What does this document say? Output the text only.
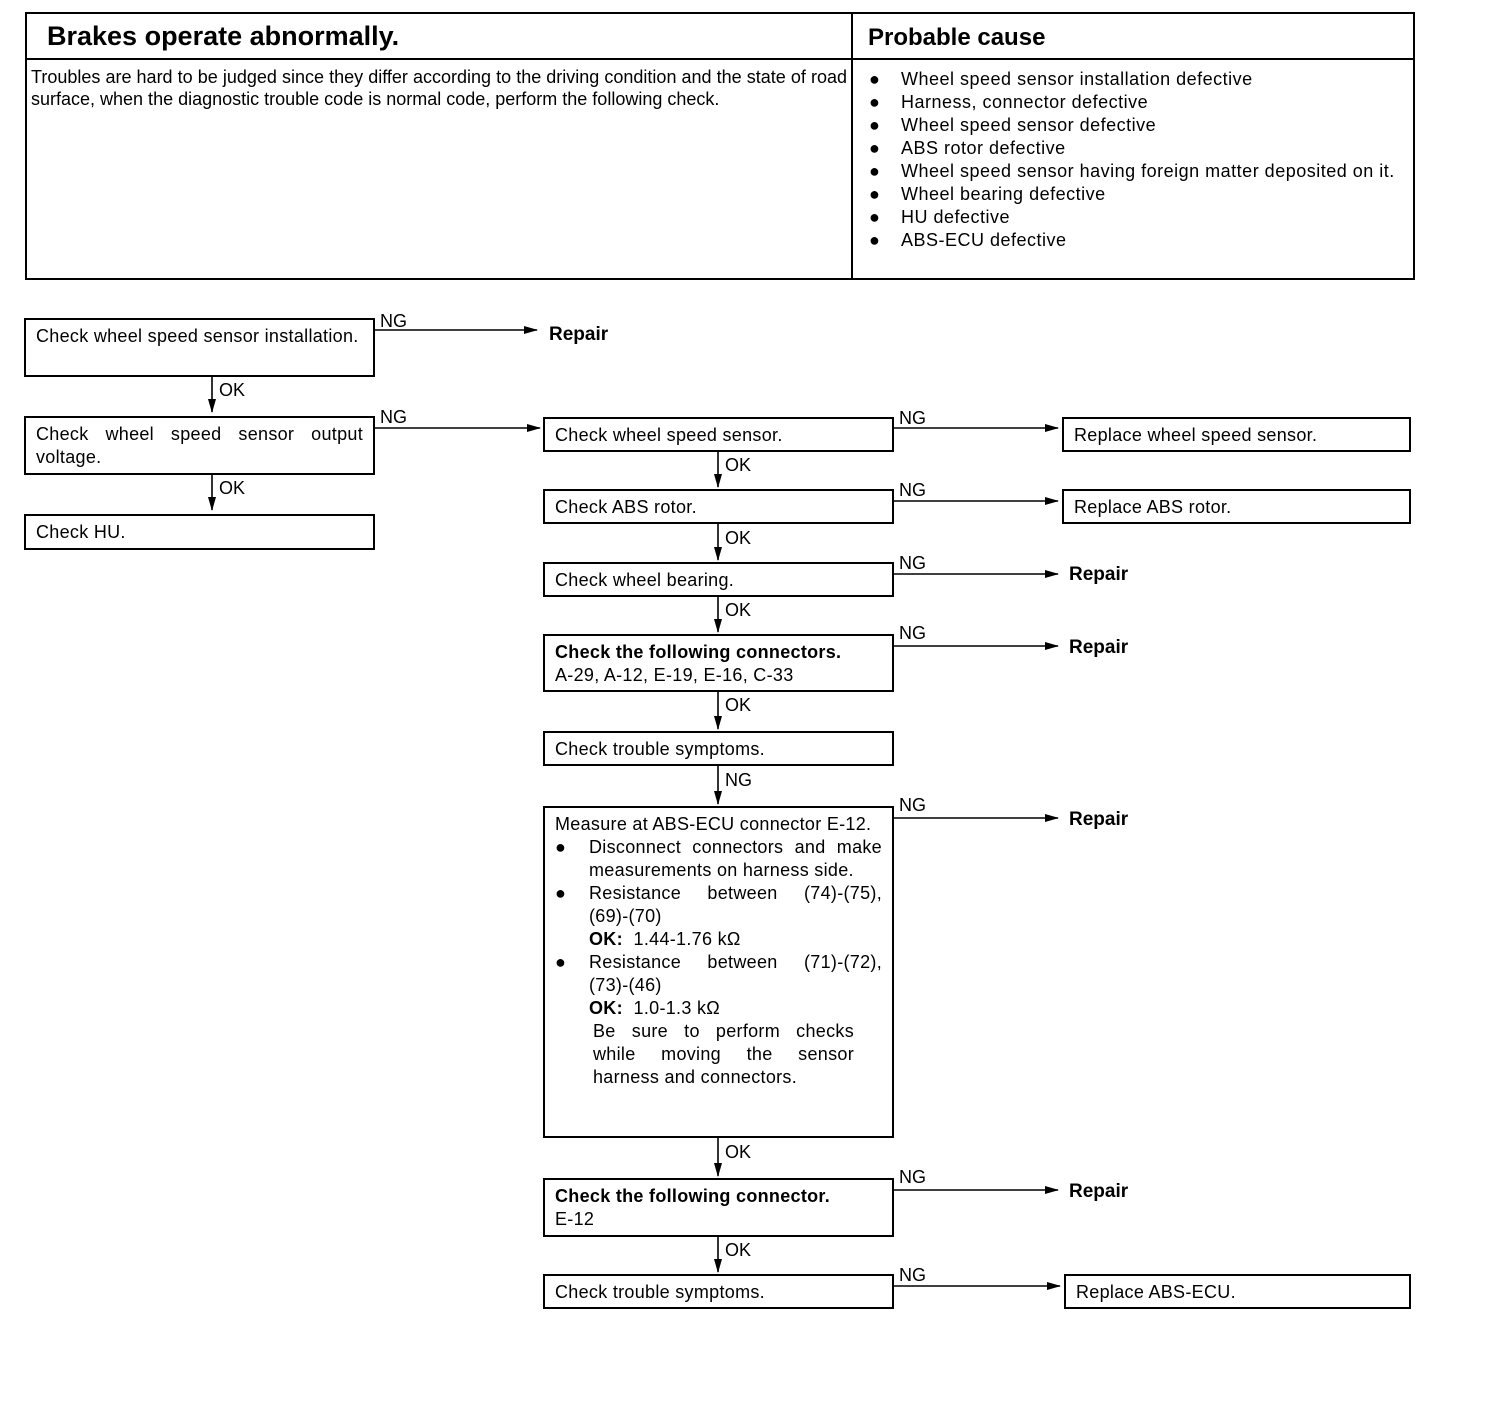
Brakes operate abnormally.	Probable cause
Troubles are hard to be judged since they differ according to the driving condition and the state of road surface, when the diagnostic trouble code is normal code, perform the following check.
● Wheel speed sensor installation defective
● Harness, connector defective
● Wheel speed sensor defective
● ABS rotor defective
● Wheel speed sensor having foreign matter deposited on it.
● Wheel bearing defective
● HU defective
● ABS-ECU defective
Check wheel speed sensor installation.
NG
Repair
OK
Check wheel speed sensor output voltage.
NG
OK
Check HU.
Check wheel speed sensor.
NG
Replace wheel speed sensor.
OK
Check ABS rotor.
NG
Replace ABS rotor.
OK
Check wheel bearing.
NG
Repair
OK
Check the following connectors.
A-29, A-12, E-19, E-16, C-33
NG
Repair
OK
Check trouble symptoms.
NG
Measure at ABS-ECU connector E-12.
● Disconnect connectors and make measurements on harness side.
● Resistance between (74)-(75), (69)-(70)
OK: 1.44-1.76 kΩ
● Resistance between (71)-(72), (73)-(46)
OK: 1.0-1.3 kΩ
Be sure to perform checks while moving the sensor harness and connectors.
NG
Repair
OK
Check the following connector.
E-12
NG
Repair
OK
Check trouble symptoms.
NG
Replace ABS-ECU.
